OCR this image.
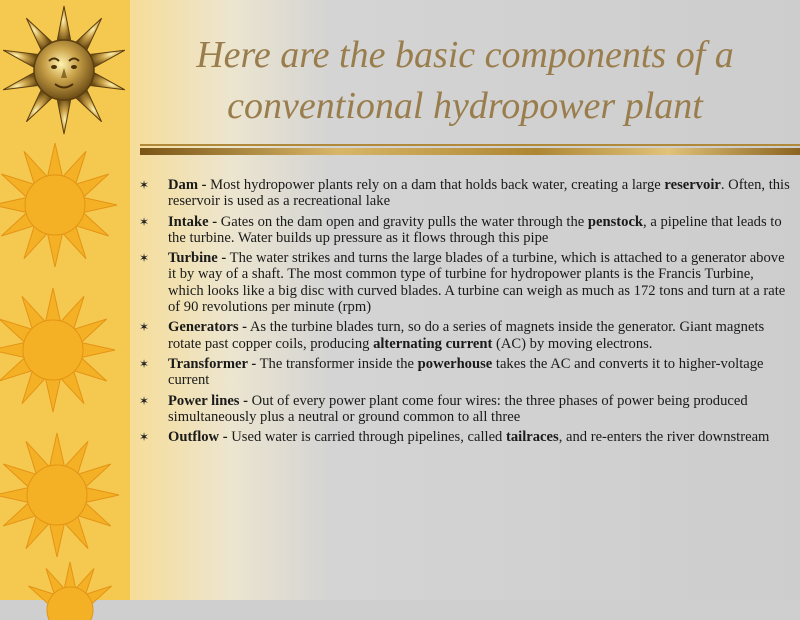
Here are the basic components of a conventional hydropower plant
✶ Dam - Most hydropower plants rely on a dam that holds back water, creating a large reservoir. Often, this reservoir is used as a recreational lake
✶ Intake - Gates on the dam open and gravity pulls the water through the penstock, a pipeline that leads to the turbine. Water builds up pressure as it flows through this pipe
✶ Turbine - The water strikes and turns the large blades of a turbine, which is attached to a generator above it by way of a shaft. The most common type of turbine for hydropower plants is the Francis Turbine, which looks like a big disc with curved blades. A turbine can weigh as much as 172 tons and turn at a rate of 90 revolutions per minute (rpm)
✶ Generators - As the turbine blades turn, so do a series of magnets inside the generator. Giant magnets rotate past copper coils, producing alternating current (AC) by moving electrons.
✶ Transformer - The transformer inside the powerhouse takes the AC and converts it to higher-voltage current
✶ Power lines - Out of every power plant come four wires: the three phases of power being produced simultaneously plus a neutral or ground common to all three
✶ Outflow - Used water is carried through pipelines, called tailraces, and re-enters the river downstream
